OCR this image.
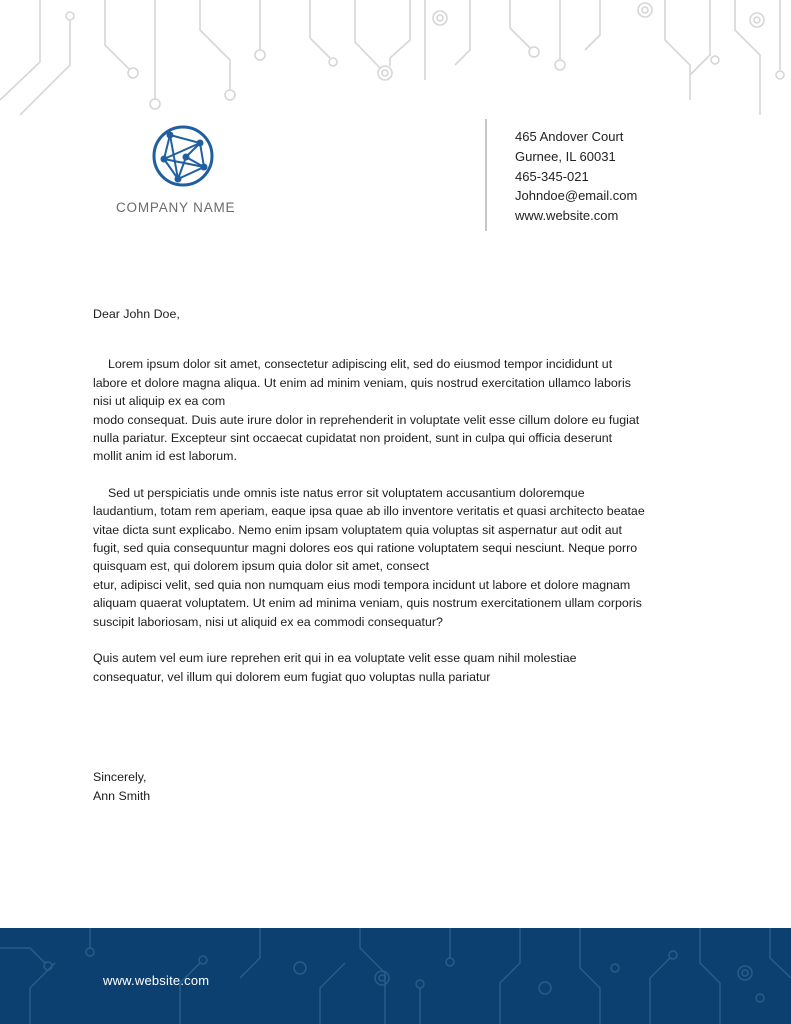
COMPANY NAME
465 Andover Court
Gurnee, IL 60031
465-345-021
Johndoe@email.com
www.website.com

Dear John Doe,

Lorem ipsum dolor sit amet, consectetur adipiscing elit, sed do eiusmod tempor incididunt ut
labore et dolore magna aliqua. Ut enim ad minim veniam, quis nostrud exercitation ullamco laboris
nisi ut aliquip ex ea com
modo consequat. Duis aute irure dolor in reprehenderit in voluptate velit esse cillum dolore eu fugiat
nulla pariatur. Excepteur sint occaecat cupidatat non proident, sunt in culpa qui officia deserunt
mollit anim id est laborum.

Sed ut perspiciatis unde omnis iste natus error sit voluptatem accusantium doloremque
laudantium, totam rem aperiam, eaque ipsa quae ab illo inventore veritatis et quasi architecto beatae
vitae dicta sunt explicabo. Nemo enim ipsam voluptatem quia voluptas sit aspernatur aut odit aut
fugit, sed quia consequuntur magni dolores eos qui ratione voluptatem sequi nesciunt. Neque porro
quisquam est, qui dolorem ipsum quia dolor sit amet, consect
etur, adipisci velit, sed quia non numquam eius modi tempora incidunt ut labore et dolore magnam
aliquam quaerat voluptatem. Ut enim ad minima veniam, quis nostrum exercitationem ullam corporis
suscipit laboriosam, nisi ut aliquid ex ea commodi consequatur?

Quis autem vel eum iure reprehen erit qui in ea voluptate velit esse quam nihil molestiae
consequatur, vel illum qui dolorem eum fugiat quo voluptas nulla pariatur

Sincerely,
Ann Smith
www.website.com
